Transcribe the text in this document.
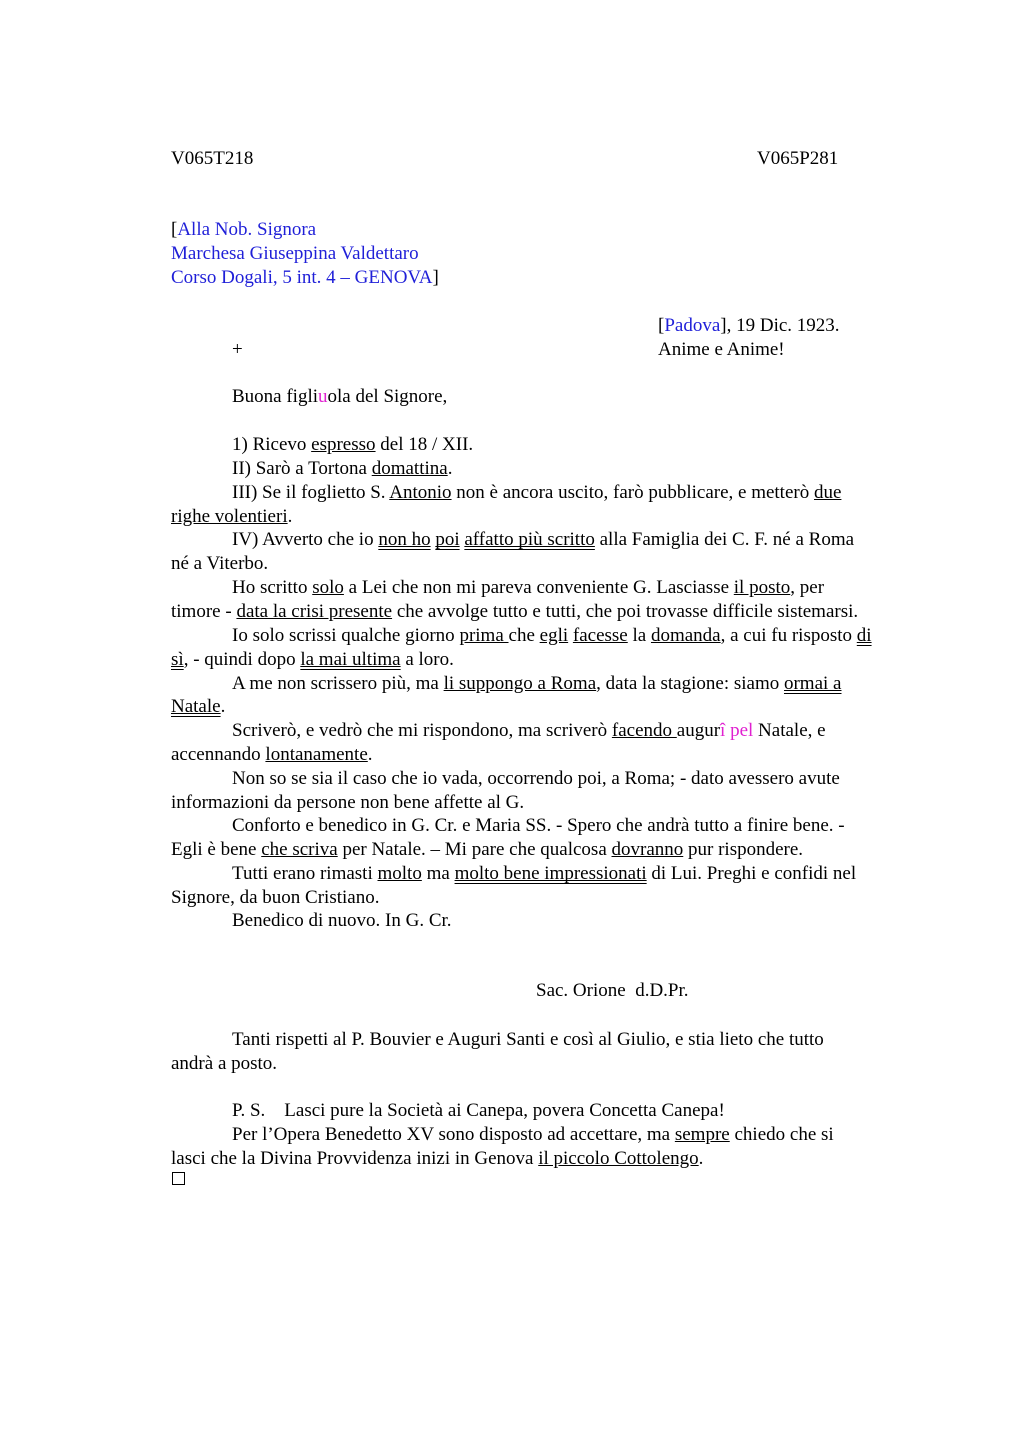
V065T218	V065P281
[Alla Nob. Signora
Marchesa Giuseppina Valdettaro
Corso Dogali, 5 int. 4 – GENOVA]
[Padova], 19 Dic. 1923.
+	Anime e Anime!
Buona figliuola del Signore,
1) Ricevo espresso del 18 / XII.
II) Sarò a Tortona domattina.
III) Se il foglietto S. Antonio non è ancora uscito, farò pubblicare, e metterò due
righe volentieri.
IV) Avverto che io non ho poi affatto più scritto alla Famiglia dei C. F. né a Roma
né a Viterbo.
Ho scritto solo a Lei che non mi pareva conveniente G. Lasciasse il posto, per
timore - data la crisi presente che avvolge tutto e tutti, che poi trovasse difficile sistemarsi.
Io solo scrissi qualche giorno prima che egli facesse la domanda, a cui fu risposto di
sì, - quindi dopo la mai ultima a loro.
A me non scrissero più, ma li suppongo a Roma, data la stagione: siamo ormai a
Natale.
Scriverò, e vedrò che mi rispondono, ma scriverò facendo augurî pel Natale, e
accennando lontanamente.
Non so se sia il caso che io vada, occorrendo poi, a Roma; - dato avessero avute
informazioni da persone non bene affette al G.
Conforto e benedico in G. Cr. e Maria SS. - Spero che andrà tutto a finire bene. -
Egli è bene che scriva per Natale. – Mi pare che qualcosa dovranno pur rispondere.
Tutti erano rimasti molto ma molto bene impressionati di Lui. Preghi e confidi nel
Signore, da buon Cristiano.
Benedico di nuovo. In G. Cr.
Sac. Orione  d.D.Pr.
Tanti rispetti al P. Bouvier e Auguri Santi e così al Giulio, e stia lieto che tutto
andrà a posto.
P. S.    Lasci pure la Società ai Canepa, povera Concetta Canepa!
Per l’Opera Benedetto XV sono disposto ad accettare, ma sempre chiedo che si
lasci che la Divina Provvidenza inizi in Genova il piccolo Cottolengo.
